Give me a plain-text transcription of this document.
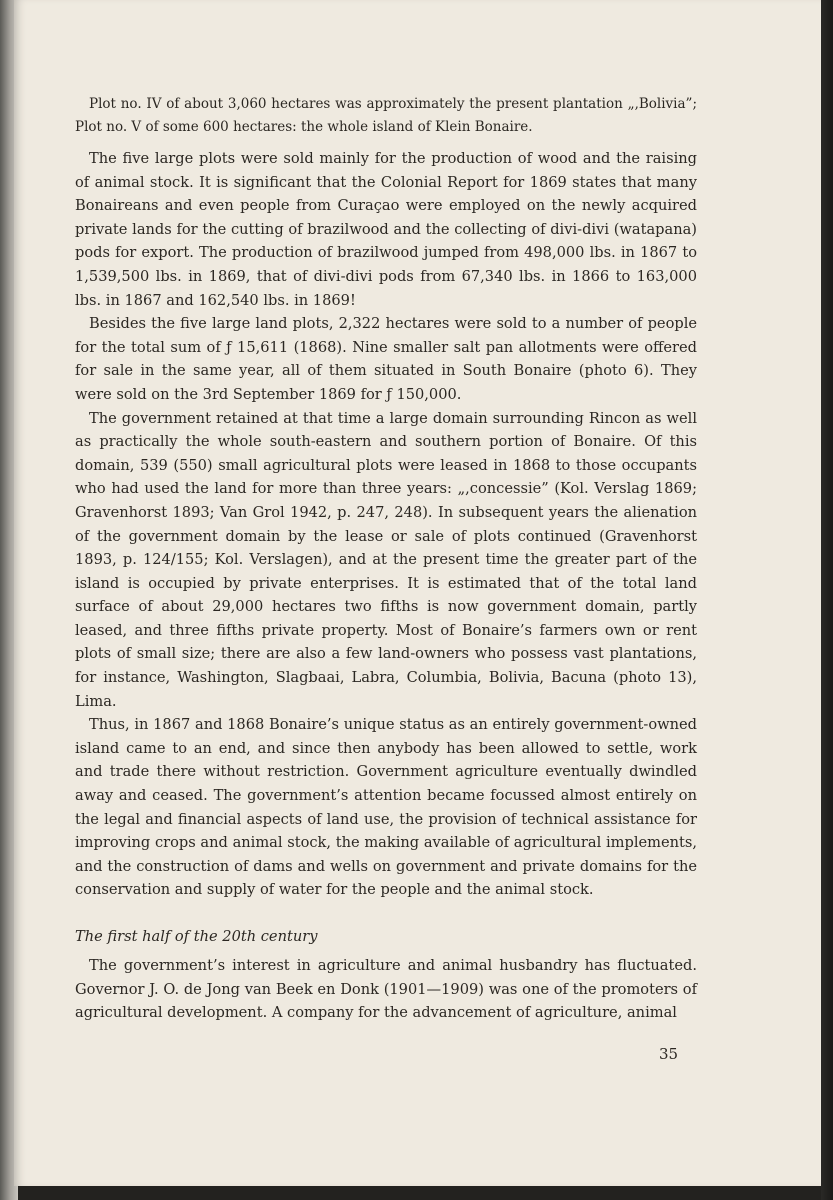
Plot no. IV of about 3,060 hectares was approximately the present plantation „,Bolivia”; Plot no. V of some 600 hectares: the whole island of Klein Bonaire.

The five large plots were sold mainly for the production of wood and the raising of animal stock. It is significant that the Colonial Report for 1869 states that many Bonaireans and even people from Curaçao were employed on the newly acquired private lands for the cutting of brazilwood and the collecting of divi-divi (watapana) pods for export. The production of brazilwood jumped from 498,000 lbs. in 1867 to 1,539,500 lbs. in 1869, that of divi-divi pods from 67,340 lbs. in 1866 to 163,000 lbs. in 1867 and 162,540 lbs. in 1869!

Besides the five large land plots, 2,322 hectares were sold to a number of people for the total sum of ƒ 15,611 (1868). Nine smaller salt pan allotments were offered for sale in the same year, all of them situated in South Bonaire (photo 6). They were sold on the 3rd September 1869 for ƒ 150,000.

The government retained at that time a large domain surrounding Rincon as well as practically the whole south-eastern and southern portion of Bonaire. Of this domain, 539 (550) small agricultural plots were leased in 1868 to those occupants who had used the land for more than three years: „,concessie” (Kol. Verslag 1869; Gravenhorst 1893; Van Grol 1942, p. 247, 248). In subsequent years the alienation of the government domain by the lease or sale of plots continued (Gravenhorst 1893, p. 124/155; Kol. Verslagen), and at the present time the greater part of the island is occupied by private enterprises. It is estimated that of the total land surface of about 29,000 hectares two fifths is now government domain, partly leased, and three fifths private property. Most of Bonaire’s farmers own or rent plots of small size; there are also a few land-owners who possess vast plantations, for instance, Washington, Slagbaai, Labra, Columbia, Bolivia, Bacuna (photo 13), Lima.

Thus, in 1867 and 1868 Bonaire’s unique status as an entirely government-owned island came to an end, and since then anybody has been allowed to settle, work and trade there without restriction. Government agriculture eventually dwindled away and ceased. The government’s attention became focussed almost entirely on the legal and financial aspects of land use, the provision of technical assistance for improving crops and animal stock, the making available of agricultural implements, and the construction of dams and wells on government and private domains for the conservation and supply of water for the people and the animal stock.

The first half of the 20th century

The government’s interest in agriculture and animal husbandry has fluctuated. Governor J. O. de Jong van Beek en Donk (1901—1909) was one of the promoters of agricultural development. A company for the advancement of agriculture, animal

35
